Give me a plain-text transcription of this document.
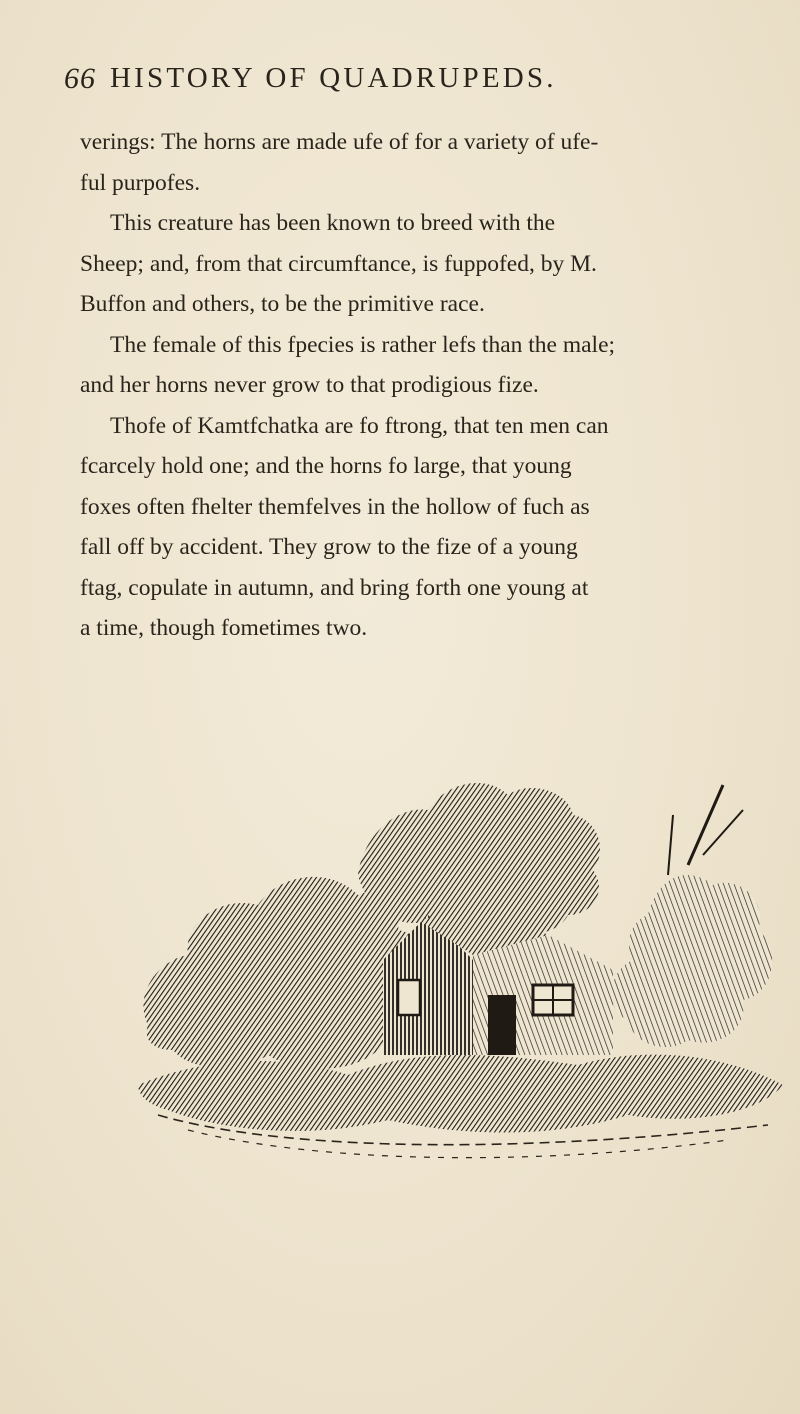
66 HISTORY OF QUADRUPEDS.
verings: The horns are made ufe of for a variety of ufe-
ful purpofes.
This creature has been known to breed with the
Sheep; and, from that circumftance, is fuppofed, by M.
Buffon and others, to be the primitive race.
The female of this fpecies is rather lefs than the male;
and her horns never grow to that prodigious fize.
Thofe of Kamtfchatka are fo ftrong, that ten men can
fcarcely hold one; and the horns fo large, that young
foxes often fhelter themfelves in the hollow of fuch as
fall off by accident. They grow to the fize of a young
ftag, copulate in autumn, and bring forth one young at
a time, though fometimes two.
